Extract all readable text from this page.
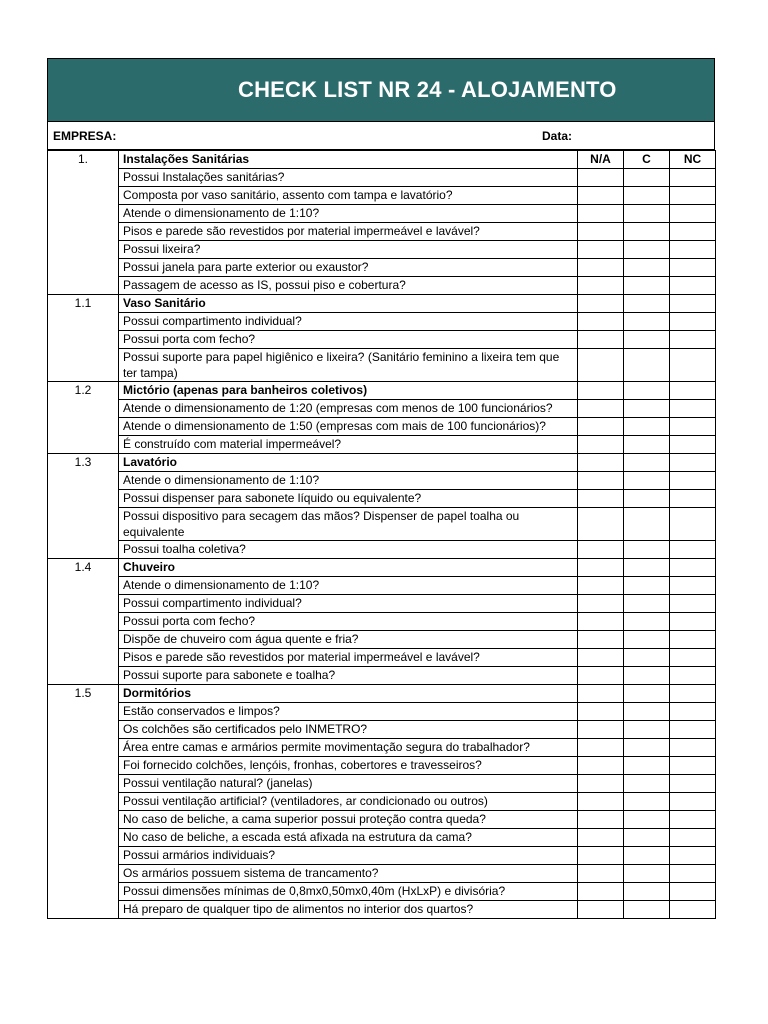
CHECK LIST NR 24 - ALOJAMENTO
EMPRESA:	Data:
1.	Instalações Sanitárias	N/A	C	NC
	Possui Instalações sanitárias?			
	Composta por vaso sanitário, assento com tampa e lavatório?			
	Atende o dimensionamento de 1:10?			
	Pisos e parede são revestidos por material impermeável e lavável?			
	Possui lixeira?			
	Possui janela para parte exterior ou exaustor?			
	Passagem de acesso as IS, possui piso e cobertura?			
1.1	Vaso Sanitário			
	Possui compartimento individual?			
	Possui porta com fecho?			
	Possui suporte para papel higiênico e lixeira? (Sanitário feminino a lixeira tem que ter tampa)			
1.2	Mictório (apenas para banheiros coletivos)			
	Atende o dimensionamento de 1:20 (empresas com menos de 100 funcionários?			
	Atende o dimensionamento de 1:50 (empresas com mais de 100 funcionários)?			
	É construído com material impermeável?			
1.3	Lavatório			
	Atende o dimensionamento de 1:10?			
	Possui dispenser para sabonete líquido ou equivalente?			
	Possui dispositivo para secagem das mãos? Dispenser de papel toalha ou equivalente			
	Possui toalha coletiva?			
1.4	Chuveiro			
	Atende o dimensionamento de 1:10?			
	Possui compartimento individual?			
	Possui porta com fecho?			
	Dispõe de chuveiro com água quente e fria?			
	Pisos e parede são revestidos por material impermeável e lavável?			
	Possui suporte para sabonete e toalha?			
1.5	Dormitórios			
	Estão conservados e limpos?			
	Os colchões são certificados pelo INMETRO?			
	Área entre camas e armários permite movimentação segura do trabalhador?			
	Foi fornecido colchões, lençóis, fronhas, cobertores e travesseiros?			
	Possui ventilação natural? (janelas)			
	Possui ventilação artificial? (ventiladores, ar condicionado ou outros)			
	No caso de beliche, a cama superior possui proteção contra queda?			
	No caso de beliche, a escada está afixada na estrutura da cama?			
	Possui armários individuais?			
	Os armários possuem sistema de trancamento?			
	Possui dimensões mínimas de 0,8mx0,50mx0,40m (HxLxP) e divisória?			
	Há preparo de qualquer tipo de alimentos no interior dos quartos?			
